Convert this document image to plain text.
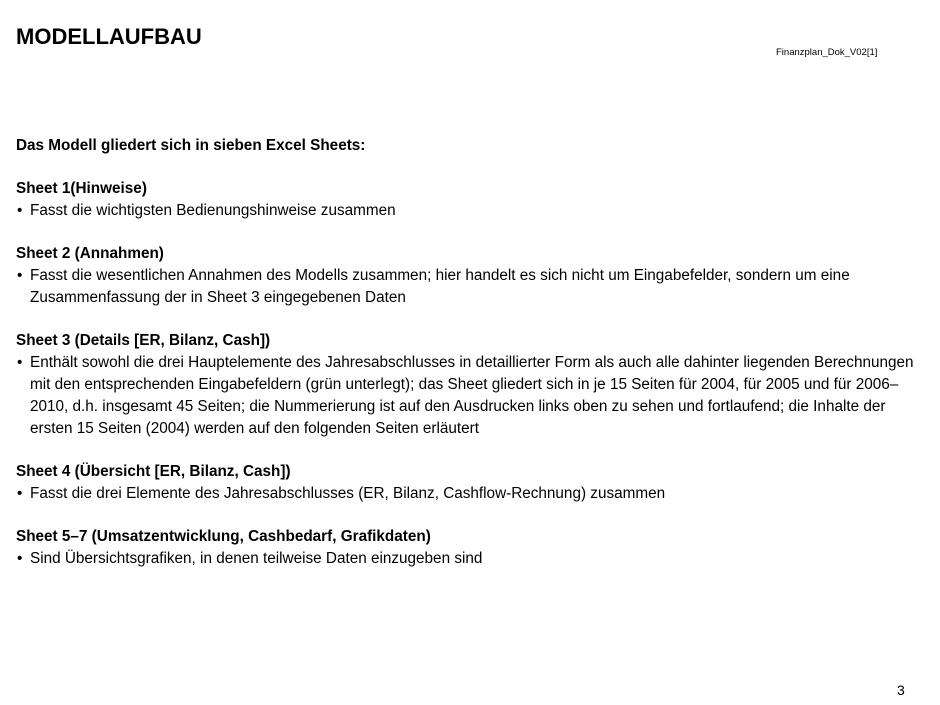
MODELLAUFBAU
Finanzplan_Dok_V02[1]
Das Modell gliedert sich in sieben Excel Sheets:
Sheet 1(Hinweise)
• Fasst die wichtigsten Bedienungshinweise zusammen
Sheet 2 (Annahmen)
• Fasst die wesentlichen Annahmen des Modells zusammen; hier handelt es sich nicht um Eingabefelder, sondern um eine Zusammenfassung der in Sheet 3 eingegebenen Daten
Sheet 3 (Details [ER, Bilanz, Cash])
• Enthält sowohl die drei Hauptelemente des Jahresabschlusses in detaillierter Form als auch alle dahinter liegenden Berechnungen mit den entsprechenden Eingabefeldern (grün unterlegt); das Sheet gliedert sich in je 15 Seiten für 2004, für 2005 und für 2006–2010, d.h. insgesamt 45 Seiten; die Nummerierung ist auf den Ausdrucken links oben zu sehen und fortlaufend; die Inhalte der ersten 15 Seiten (2004) werden auf den folgenden Seiten erläutert
Sheet 4 (Übersicht [ER, Bilanz, Cash])
• Fasst die drei Elemente des Jahresabschlusses (ER, Bilanz, Cashflow-Rechnung) zusammen
Sheet 5–7 (Umsatzentwicklung, Cashbedarf, Grafikdaten)
• Sind Übersichtsgrafiken, in denen teilweise Daten einzugeben sind
3
